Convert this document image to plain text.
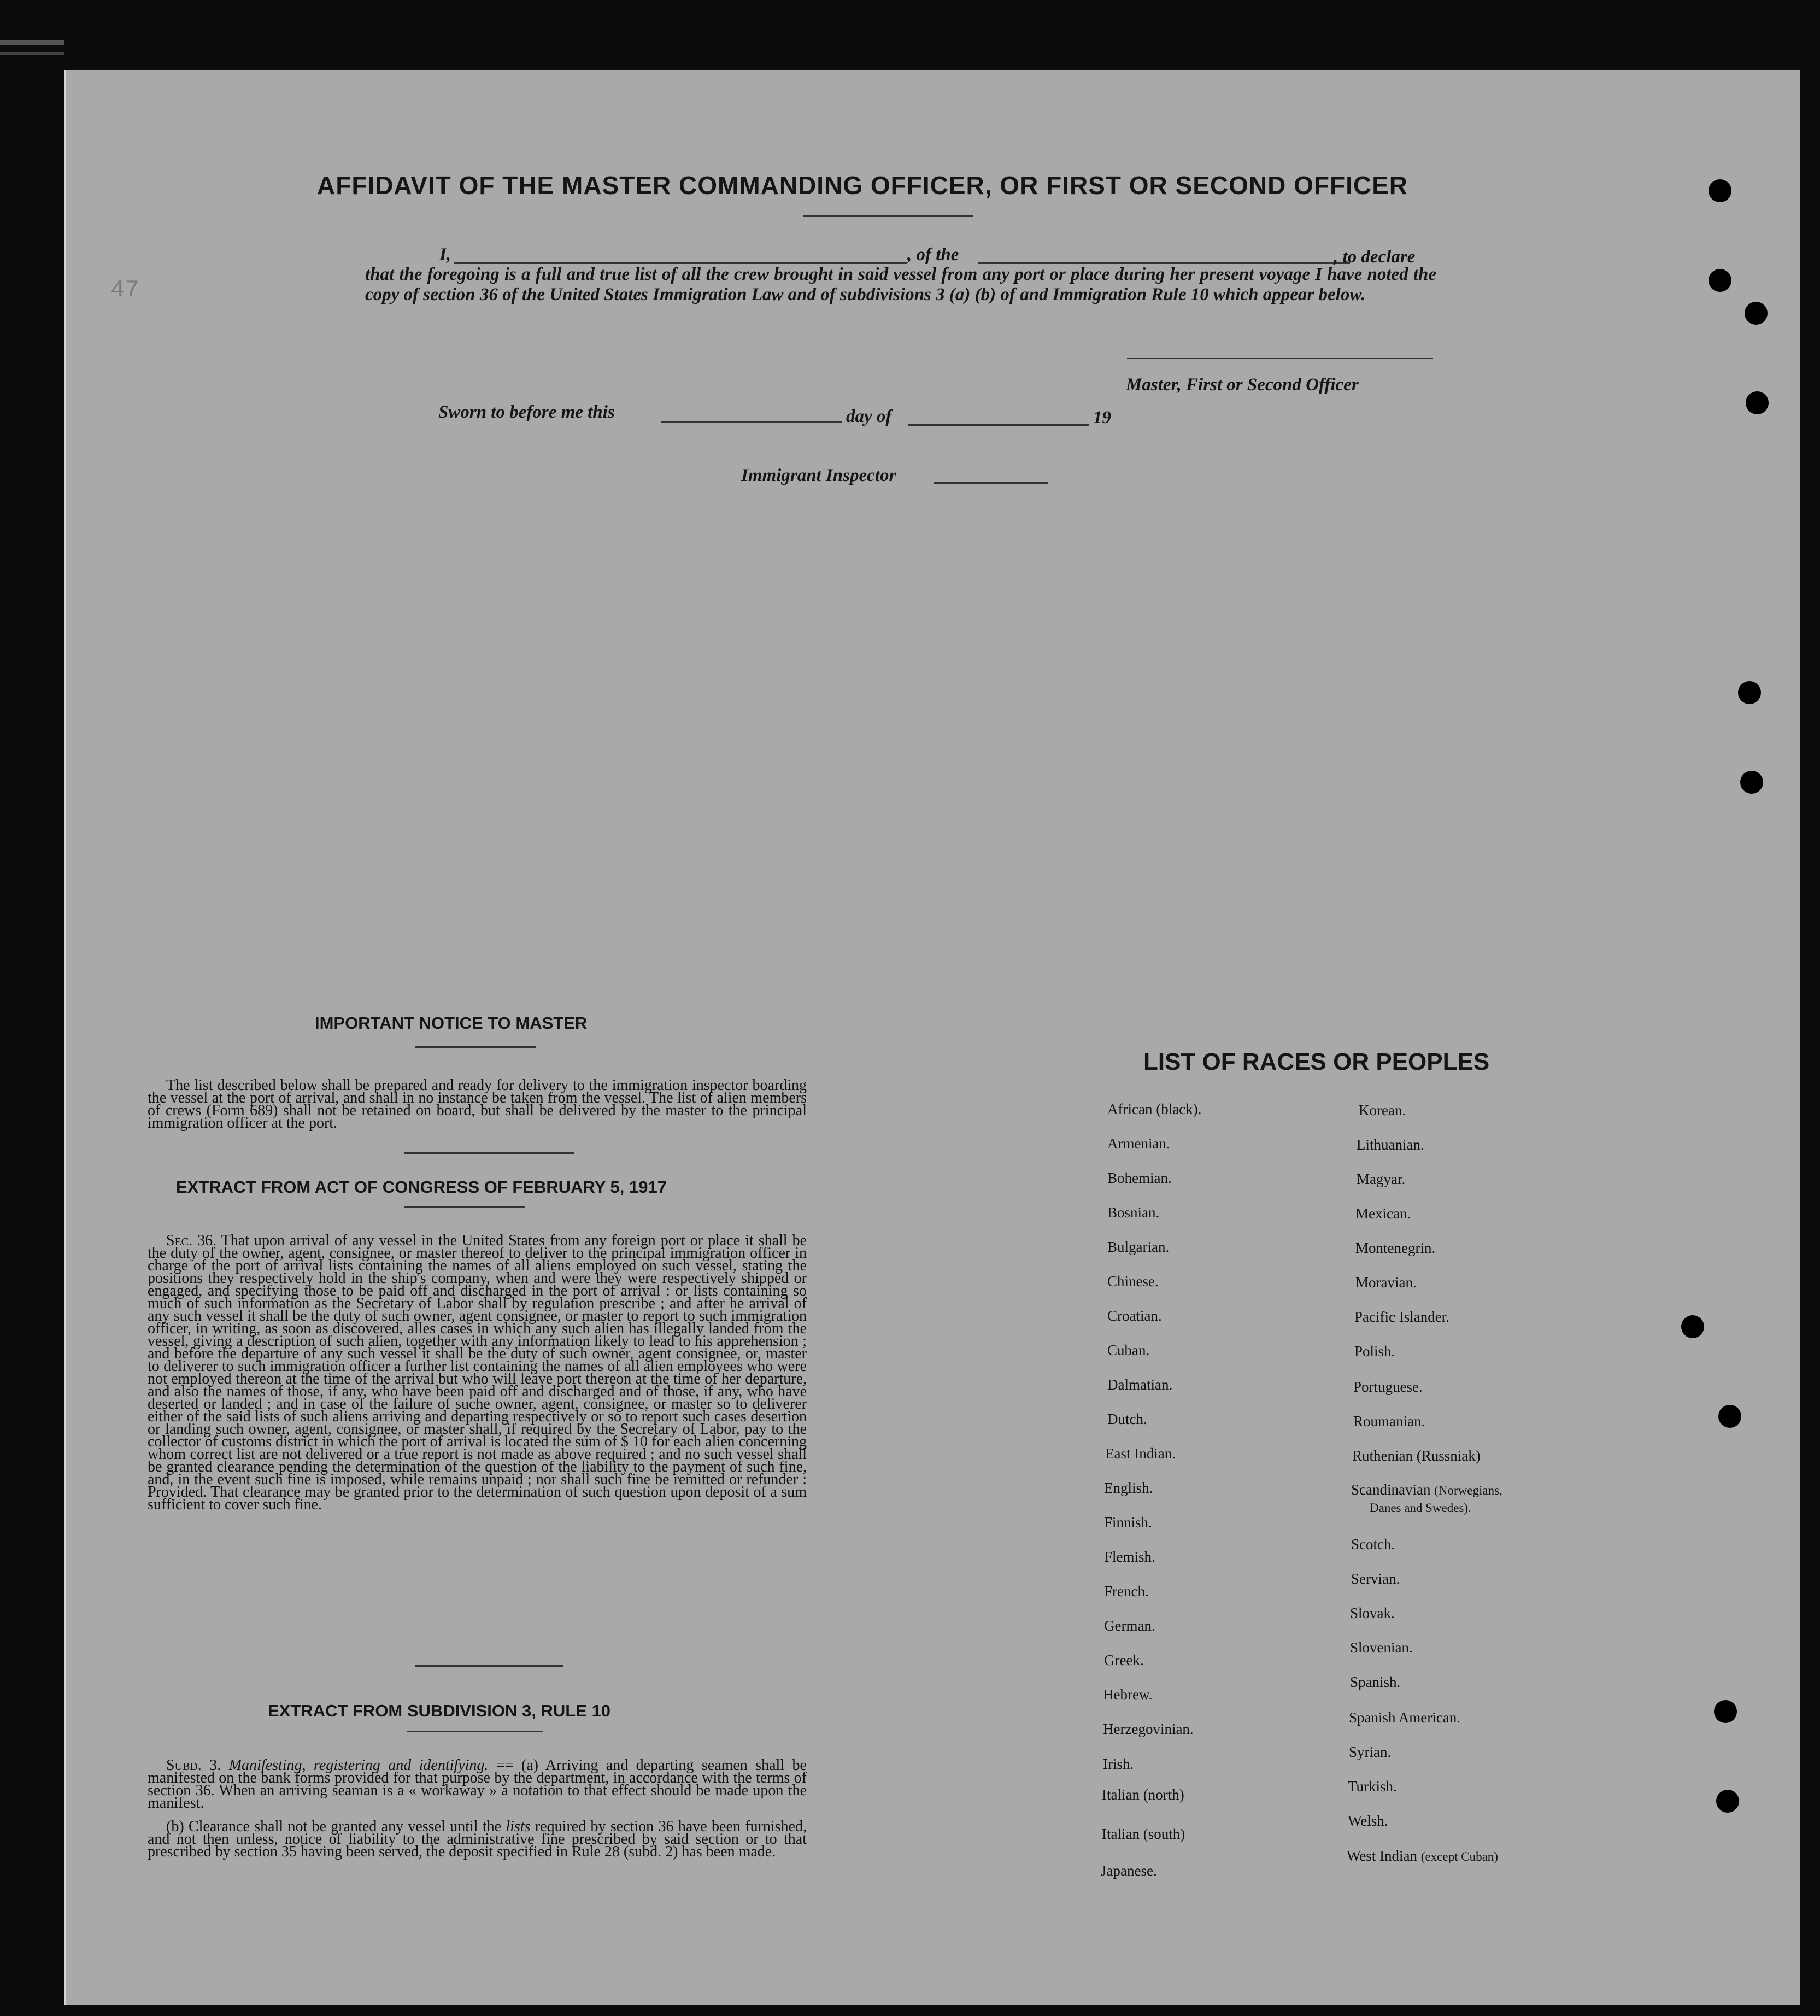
47
AFFIDAVIT OF THE MASTER COMMANDING OFFICER, OR FIRST OR SECOND OFFICER
I,	, of the	, to declare
that the foregoing is a full and true list of all the crew brought in said vessel from any port or place during her present voyage I have noted the copy of section 36 of the United States Immigration Law and of subdivisions 3 (a) (b) of and Immigration Rule 10 which appear below.
Master, First or Second Officer
Sworn to before me this	day of	19
Immigrant Inspector
IMPORTANT NOTICE TO MASTER
The list described below shall be prepared and ready for delivery to the immigration inspector boarding the vessel at the port of arrival, and shall in no instance be taken from the vessel. The list of alien members of crews (Form 689) shall not be retained on board, but shall be delivered by the master to the principal immigration officer at the port.
EXTRACT FROM ACT OF CONGRESS OF FEBRUARY 5, 1917
Sec. 36. That upon arrival of any vessel in the United States from any foreign port or place it shall be the duty of the owner, agent, consignee, or master thereof to deliver to the principal immigration officer in charge of the port of arrival lists containing the names of all aliens employed on such vessel, stating the positions they respectively hold in the ship's company, when and were they were respectively shipped or engaged, and specifying those to be paid off and discharged in the port of arrival : or lists containing so much of such information as the Secretary of Labor shall by regulation prescribe ; and after he arrival of any such vessel it shall be the duty of such owner, agent consignee, or master to report to such immigration officer, in writing, as soon as discovered, alles cases in which any such alien has illegally landed from the vessel, giving a description of such alien, together with any information likely to lead to his apprehension ; and before the departure of any such vessel it shall be the duty of such owner, agent consignee, or, master to deliverer to such immigration officer a further list containing the names of all alien employees who were not employed thereon at the time of the arrival but who will leave port thereon at the time of her departure, and also the names of those, if any, who have been paid off and discharged and of those, if any, who have deserted or landed ; and in case of the failure of suche owner, agent, consignee, or master so to deliverer either of the said lists of such aliens arriving and departing respectively or so to report such cases desertion or landing such owner, agent, consignee, or master shall, if required by the Secretary of Labor, pay to the collector of customs district in which the port of arrival is located the sum of $ 10 for each alien concerning whom correct list are not delivered or a true report is not made as above required ; and no such vessel shall be granted clearance pending the determination of the question of the liability to the payment of such fine, and, in the event such fine is imposed, while remains unpaid ; nor shall such fine be remitted or refunder : Provided. That clearance may be granted prior to the determination of such question upon deposit of a sum sufficient to cover such fine.
EXTRACT FROM SUBDIVISION 3, RULE 10
Subd. 3. Manifesting, registering and identifying. == (a) Arriving and departing seamen shall be manifested on the bank forms provided for that purpose by the department, in accordance with the terms of section 36. When an arriving seaman is a « workaway » a notation to that effect should be made upon the manifest.
(b) Clearance shall not be granted any vessel until the lists required by section 36 have been furnished, and not then unless, notice of liability to the administrative fine prescribed by said section or to that prescribed by section 35 having been served, the deposit specified in Rule 28 (subd. 2) has been made.
LIST OF RACES OR PEOPLES
African (black).
Armenian.
Bohemian.
Bosnian.
Bulgarian.
Chinese.
Croatian.
Cuban.
Dalmatian.
Dutch.
East Indian.
English.
Finnish.
Flemish.
French.
German.
Greek.
Hebrew.
Herzegovinian.
Irish.
Italian (north)
Italian (south)
Japanese.
Korean.
Lithuanian.
Magyar.
Mexican.
Montenegrin.
Moravian.
Pacific Islander.
Polish.
Portuguese.
Roumanian.
Ruthenian (Russniak)
Scandinavian (Norwegians,
Danes and Swedes).
Scotch.
Servian.
Slovak.
Slovenian.
Spanish.
Spanish American.
Syrian.
Turkish.
Welsh.
West Indian (except Cuban)
